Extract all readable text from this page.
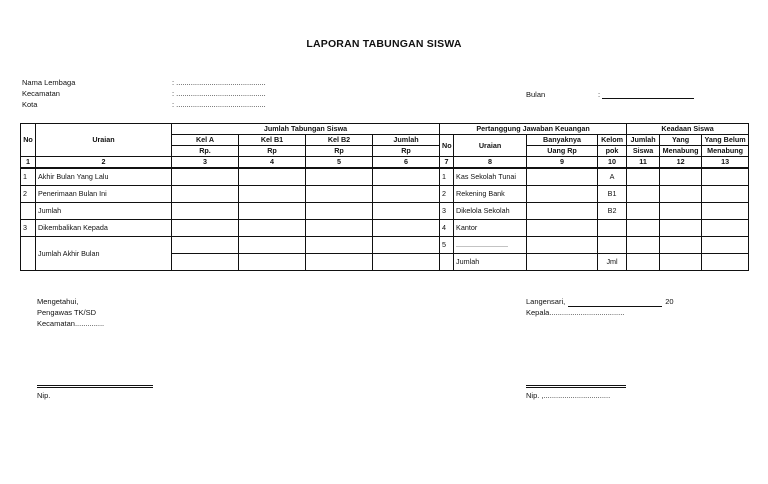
LAPORAN TABUNGAN SISWA
Nama Lembaga	: ...........................................
Kecamatan	: ...........................................
Kota	: ...........................................
Bulan	:
No	Uraian	Jumlah Tabungan Siswa				Pertanggung Jawaban Keuangan				Keadaan Siswa		
		Kel A	Kel B1	Kel B2	Jumlah	No	Uraian	Banyaknya	Kelom	Jumlah	Yang	Yang Belum
		Rp.	Rp	Rp	Rp			Uang Rp	pok	Siswa	Menabung	Menabung
1	2	3	4	5	6	7	8	9	10	11	12	13
1	Akhir Bulan Yang Lalu					1	Kas Sekolah Tunai		A			
2	Penerimaan Bulan Ini					2	Rekening Bank		B1			
	Jumlah					3	Dikelola Sekolah		B2			
3	Dikembalikan Kepada					4	Kantor					
	Jumlah Akhir Bulan					5	..........................					
							Jumlah		Jml			
Mengetahui,
Pengawas TK/SD
Kecamatan..............
Nip.
Langensari,	20
Kepala....................................
Nip. ,................................
